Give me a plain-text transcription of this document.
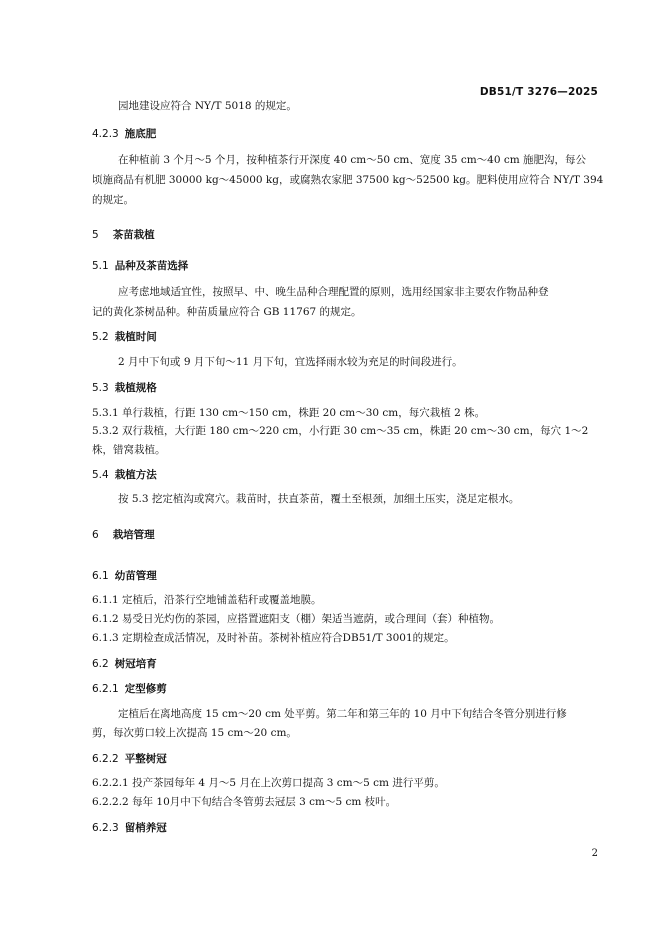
DB51/T 3276—2025
园地建设应符合 NY/T 5018 的规定。
4.2.3 施底肥
在种植前 3 个月～5 个月，按种植茶行开深度 40 cm～50 cm、宽度 35 cm～40 cm 施肥沟，每公
顷施商品有机肥 30000 kg～45000 kg，或腐熟农家肥 37500 kg～52500 kg。肥料使用应符合 NY/T 394
的规定。
5 茶苗栽植
5.1 品种及茶苗选择
应考虑地域适宜性，按照早、中、晚生品种合理配置的原则，选用经国家非主要农作物品种登
记的黄化茶树品种。种苗质量应符合 GB 11767 的规定。
5.2 栽植时间
2 月中下旬或 9 月下旬～11 月下旬，宜选择雨水较为充足的时间段进行。
5.3 栽植规格
5.3.1 单行栽植，行距 130 cm～150 cm，株距 20 cm～30 cm，每穴栽植 2 株。
5.3.2 双行栽植，大行距 180 cm～220 cm，小行距 30 cm～35 cm，株距 20 cm～30 cm，每穴 1～2
株，错窝栽植。
5.4 栽植方法
按 5.3 挖定植沟或窝穴。栽苗时，扶直茶苗，覆土至根颈，加细土压实，浇足定根水。
6 栽培管理
6.1 幼苗管理
6.1.1 定植后，沿茶行空地铺盖秸秆或覆盖地膜。
6.1.2 易受日光灼伤的茶园，应搭置遮阳支（棚）架适当遮荫，或合理间（套）种植物。
6.1.3 定期检查成活情况，及时补苗。茶树补植应符合DB51/T 3001的规定。
6.2 树冠培育
6.2.1 定型修剪
定植后在离地高度 15 cm～20 cm 处平剪。第二年和第三年的 10 月中下旬结合冬管分别进行修
剪，每次剪口较上次提高 15 cm～20 cm。
6.2.2 平整树冠
6.2.2.1 投产茶园每年 4 月～5 月在上次剪口提高 3 cm～5 cm 进行平剪。
6.2.2.2 每年 10月中下旬结合冬管剪去冠层 3 cm～5 cm 枝叶。
6.2.3 留梢养冠
2
